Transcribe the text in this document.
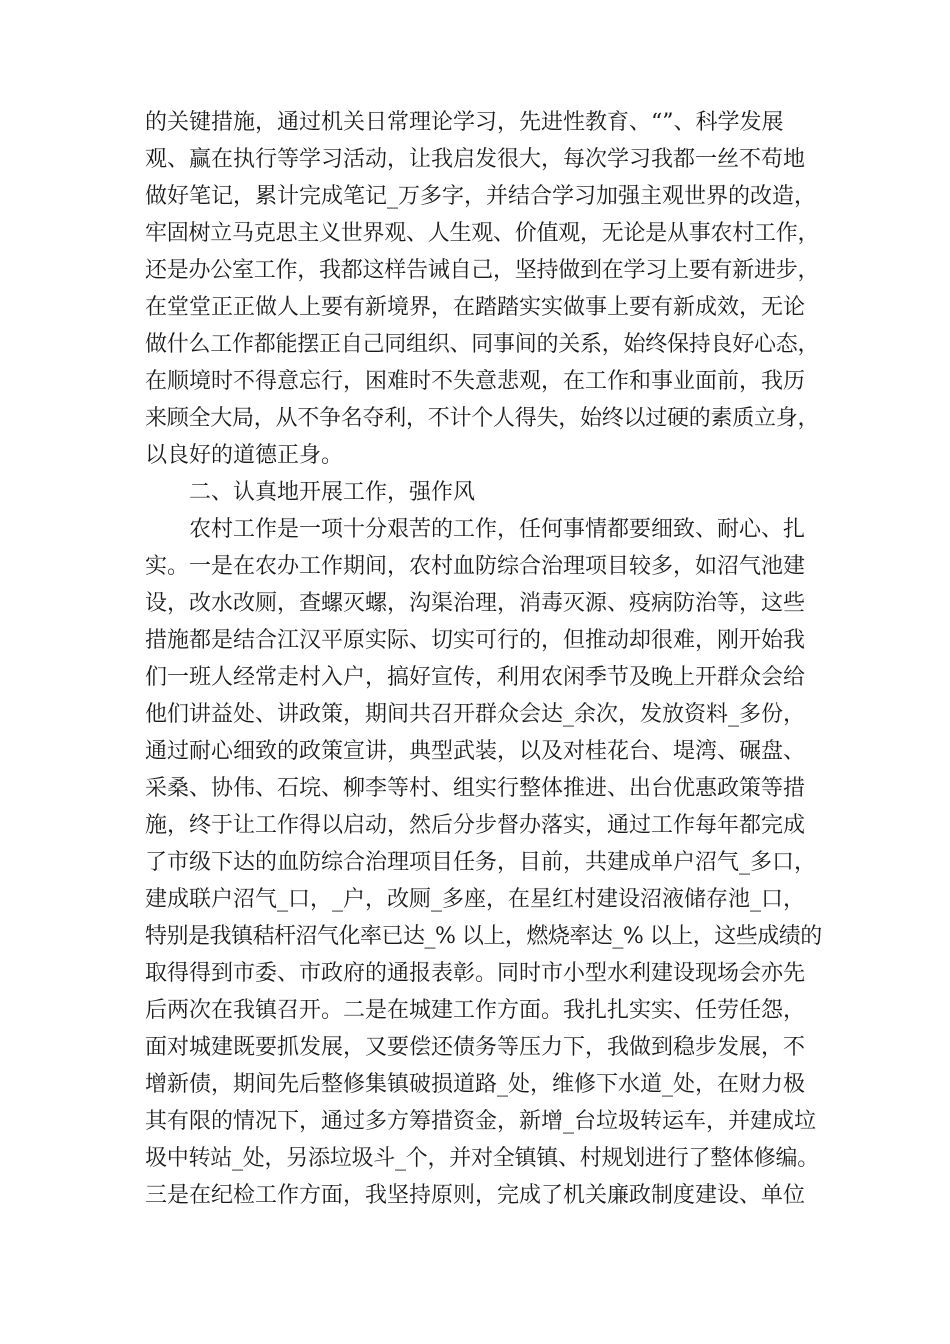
的关键措施，通过机关日常理论学习，先进性教育、“”、科学发展
观、赢在执行等学习活动，让我启发很大，每次学习我都一丝不苟地
做好笔记，累计完成笔记_万多字，并结合学习加强主观世界的改造，
牢固树立马克思主义世界观、人生观、价值观，无论是从事农村工作，
还是办公室工作，我都这样告诫自己，坚持做到在学习上要有新进步，
在堂堂正正做人上要有新境界，在踏踏实实做事上要有新成效，无论
做什么工作都能摆正自己同组织、同事间的关系，始终保持良好心态，
在顺境时不得意忘行，困难时不失意悲观，在工作和事业面前，我历
来顾全大局，从不争名夺利，不计个人得失，始终以过硬的素质立身，
以良好的道德正身。
二、认真地开展工作，强作风
农村工作是一项十分艰苦的工作，任何事情都要细致、耐心、扎
实。一是在农办工作期间，农村血防综合治理项目较多，如沼气池建
设，改水改厕，查螺灭螺，沟渠治理，消毒灭源、疫病防治等，这些
措施都是结合江汉平原实际、切实可行的，但推动却很难，刚开始我
们一班人经常走村入户，搞好宣传，利用农闲季节及晚上开群众会给
他们讲益处、讲政策，期间共召开群众会达_余次，发放资料_多份，
通过耐心细致的政策宣讲，典型武装，以及对桂花台、堤湾、碾盘、
采桑、协伟、石垸、柳李等村、组实行整体推进、出台优惠政策等措
施，终于让工作得以启动，然后分步督办落实，通过工作每年都完成
了市级下达的血防综合治理项目任务，目前，共建成单户沼气_多口，
建成联户沼气_口，_户，改厕_多座，在星红村建设沼液储存池_口，
特别是我镇秸杆沼气化率已达_% 以上，燃烧率达_% 以上，这些成绩的
取得得到市委、市政府的通报表彰。同时市小型水利建设现场会亦先
后两次在我镇召开。二是在城建工作方面。我扎扎实实、任劳任怨，
面对城建既要抓发展，又要偿还债务等压力下，我做到稳步发展，不
增新债，期间先后整修集镇破损道路_处，维修下水道_处，在财力极
其有限的情况下，通过多方筹措资金，新增_台垃圾转运车，并建成垃
圾中转站_处，另添垃圾斗_个，并对全镇镇、村规划进行了整体修编。
三是在纪检工作方面，我坚持原则，完成了机关廉政制度建设、单位
